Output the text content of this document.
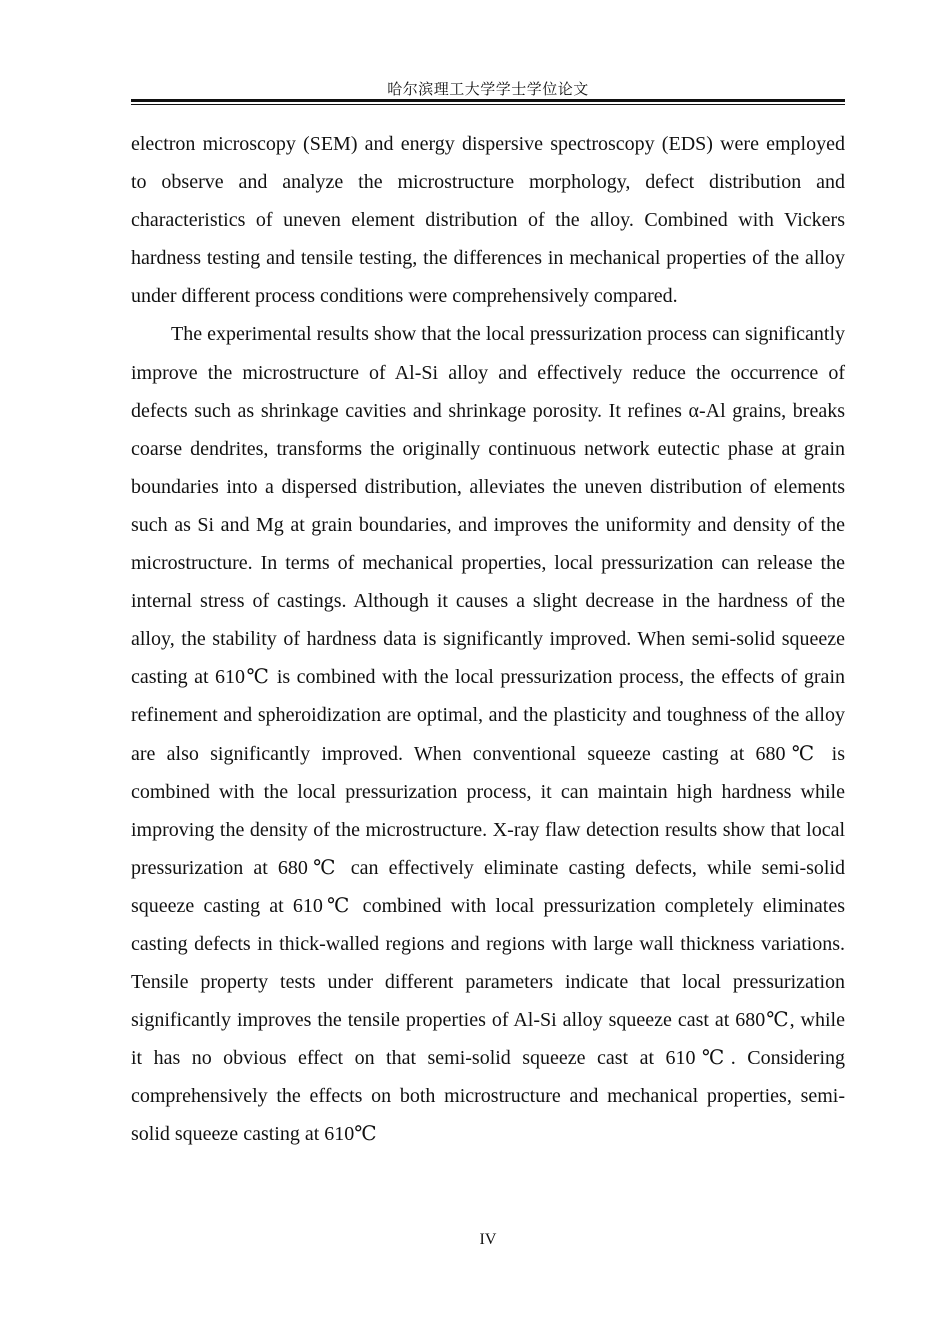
哈尔滨理工大学学士学位论文

electron microscopy (SEM) and energy dispersive spectroscopy (EDS) were employed to observe and analyze the microstructure morphology, defect distribution and characteristics of uneven element distribution of the alloy. Combined with Vickers hardness testing and tensile testing, the differences in mechanical properties of the alloy under different process conditions were comprehensively compared.

The experimental results show that the local pressurization process can significantly improve the microstructure of Al-Si alloy and effectively reduce the occurrence of defects such as shrinkage cavities and shrinkage porosity. It refines α-Al grains, breaks coarse dendrites, transforms the originally continuous network eutectic phase at grain boundaries into a dispersed distribution, alleviates the uneven distribution of elements such as Si and Mg at grain boundaries, and improves the uniformity and density of the microstructure. In terms of mechanical properties, local pressurization can release the internal stress of castings. Although it causes a slight decrease in the hardness of the alloy, the stability of hardness data is significantly improved. When semi-solid squeeze casting at 610℃ is combined with the local pressurization process, the effects of grain refinement and spheroidization are optimal, and the plasticity and toughness of the alloy are also significantly improved. When conventional squeeze casting at 680℃ is combined with the local pressurization process, it can maintain high hardness while improving the density of the microstructure. X-ray flaw detection results show that local pressurization at 680℃ can effectively eliminate casting defects, while semi-solid squeeze casting at 610℃ combined with local pressurization completely eliminates casting defects in thick-walled regions and regions with large wall thickness variations. Tensile property tests under different parameters indicate that local pressurization significantly improves the tensile properties of Al-Si alloy squeeze cast at 680℃, while it has no obvious effect on that semi-solid squeeze cast at 610℃. Considering comprehensively the effects on both microstructure and mechanical properties, semi-solid squeeze casting at 610℃

IV
